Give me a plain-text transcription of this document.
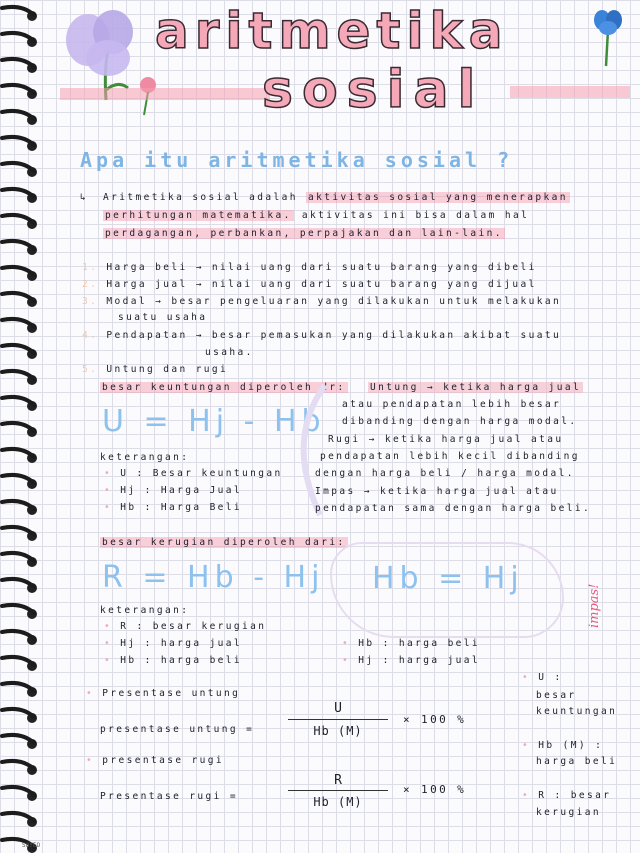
aritmetika
sosial
Apa itu aritmetika sosial ?
↳ Aritmetika sosial adalah aktivitas sosial yang menerapkan
perhitungan matematika. aktivitas ini bisa dalam hal
perdagangan, perbankan, perpajakan dan lain-lain.
1. Harga beli → nilai uang dari suatu barang yang dibeli
2. Harga jual → nilai uang dari suatu barang yang dijual
3. Modal → besar pengeluaran yang dilakukan untuk melakukan
suatu usaha
4. Pendapatan → besar pemasukan yang dilakukan akibat suatu
usaha.
5. Untung dan rugi
besar keuntungan diperoleh dr:
U = Hj - Hb
keterangan:
• U : Besar keuntungan
• Hj : Harga Jual
• Hb : Harga Beli
Untung → ketika harga jual
atau pendapatan lebih besar
dibanding dengan harga modal.
Rugi → ketika harga jual atau
pendapatan lebih kecil dibanding
dengan harga beli / harga modal.
Impas → ketika harga jual atau
pendapatan sama dengan harga beli.
besar kerugian diperoleh dari:
R = Hb - Hj
keterangan:
• R : besar kerugian
• Hj : harga jual
• Hb : harga beli
Hb = Hj
impas!
• Hb : harga beli
• Hj : harga jual
• Presentase untung
presentase untung =
U
Hb (M)
× 100 %
• presentase rugi
Presentase rugi =
R
Hb (M)
× 100 %
• U :
besar
keuntungan
• Hb (M) :
harga beli
• R : besar
kerugian
SOYEO
